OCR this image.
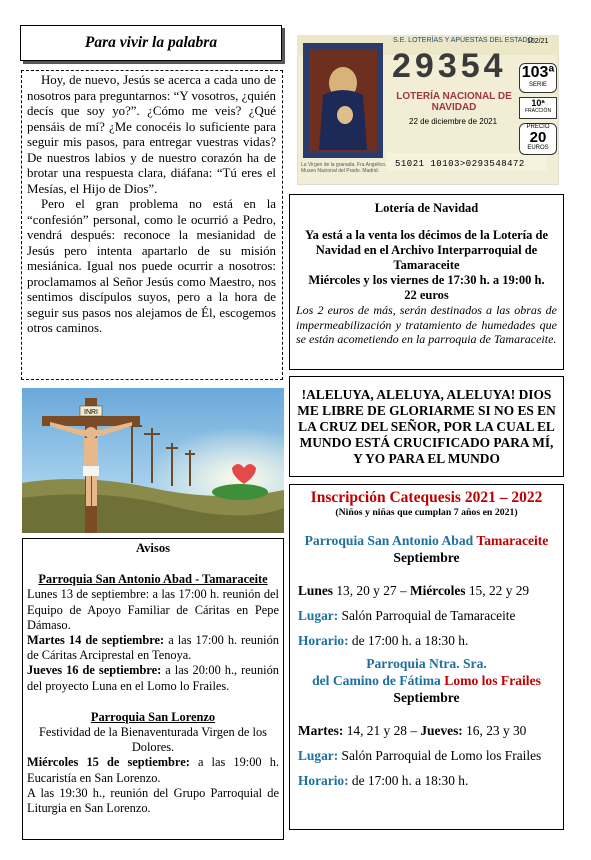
Para vivir la palabra

Hoy, de nuevo, Jesús se acerca a cada uno de nosotros para preguntarnos: “Y vosotros, ¿quién decís que soy yo?”. ¿Cómo me veis? ¿Qué pensáis de mí? ¿Me conocéis lo suficiente para seguir mis pasos, para entregar vuestras vidas? De nuestros labios y de nuestro corazón ha de brotar una respuesta clara, diáfana: “Tú eres el Mesías, el Hijo de Dios”.

Pero el gran problema no está en la “confesión” personal, como le ocurrió a Pedro, vendrá después: reconoce la mesianidad de Jesús pero intenta apartarlo de su misión mesiánica. Igual nos puede ocurrir a nosotros: proclamamos al Señor Jesús como Maestro, nos sentimos discípulos suyos, pero a la hora de seguir sus pasos nos alejamos de Él, escogemos otros caminos.

INRI
Avisos
Parroquia San Antonio Abad - Tamaraceite
Lunes 13 de septiembre: a las 17:00 h. reunión del Equipo de Apoyo Familiar de Cáritas en Pepe Dámaso.
Martes 14 de septiembre: a las 17:00 h. reunión de Cáritas Arciprestal en Tenoya.
Jueves 16 de septiembre: a las 20:00 h., reunión del proyecto Luna en el Lomo lo Frailes.
Parroquia San Lorenzo
Festividad de la Bienaventurada Virgen de los Dolores.
Miércoles 15 de septiembre: a las 19:00 h. Eucaristía en San Lorenzo.
A las 19:30 h., reunión del Grupo Parroquial de Liturgia en San Lorenzo.
S.E. LOTERÍAS Y APUESTAS DEL ESTADO
102/21
29354 103ª
SERIE
10ª
FRACCIÓN
PRECIO
20
EUROS
LOTERÍA NACIONAL DE NAVIDAD
22 de diciembre de 2021
51021 10103>0293548472
La Virgen de la granada. Fra Angelico. Museo Nacional del Prado. Madrid.
Lotería de Navidad
Ya está a la venta los décimos de la Lotería de Navidad en el Archivo Interparroquial de Tamaraceite
Miércoles y los viernes de 17:30 h. a 19:00 h.
22 euros
Los 2 euros de más, serán destinados a las obras de impermeabilización y tratamiento de humedades que se están acometiendo en la parroquia de Tamaraceite.
!ALELUYA, ALELUYA, ALELUYA! DIOS ME LIBRE DE GLORIARME SI NO ES EN LA CRUZ DEL SEÑOR, POR LA CUAL EL MUNDO ESTÁ CRUCIFICADO PARA MÍ, Y YO PARA EL MUNDO
Inscripción Catequesis 2021 – 2022
(Niños y niñas que cumplan 7 años en 2021)
Parroquia San Antonio Abad Tamaraceite
Septiembre
Lunes 13, 20 y 27 – Miércoles 15, 22 y 29
Lugar: Salón Parroquial de Tamaraceite
Horario: de 17:00 h. a 18:30 h.
Parroquia Ntra. Sra.
del Camino de Fátima Lomo los Frailes
Septiembre
Martes: 14, 21 y 28 – Jueves: 16, 23 y 30
Lugar: Salón Parroquial de Lomo los Frailes
Horario: de 17:00 h. a 18:30 h.
